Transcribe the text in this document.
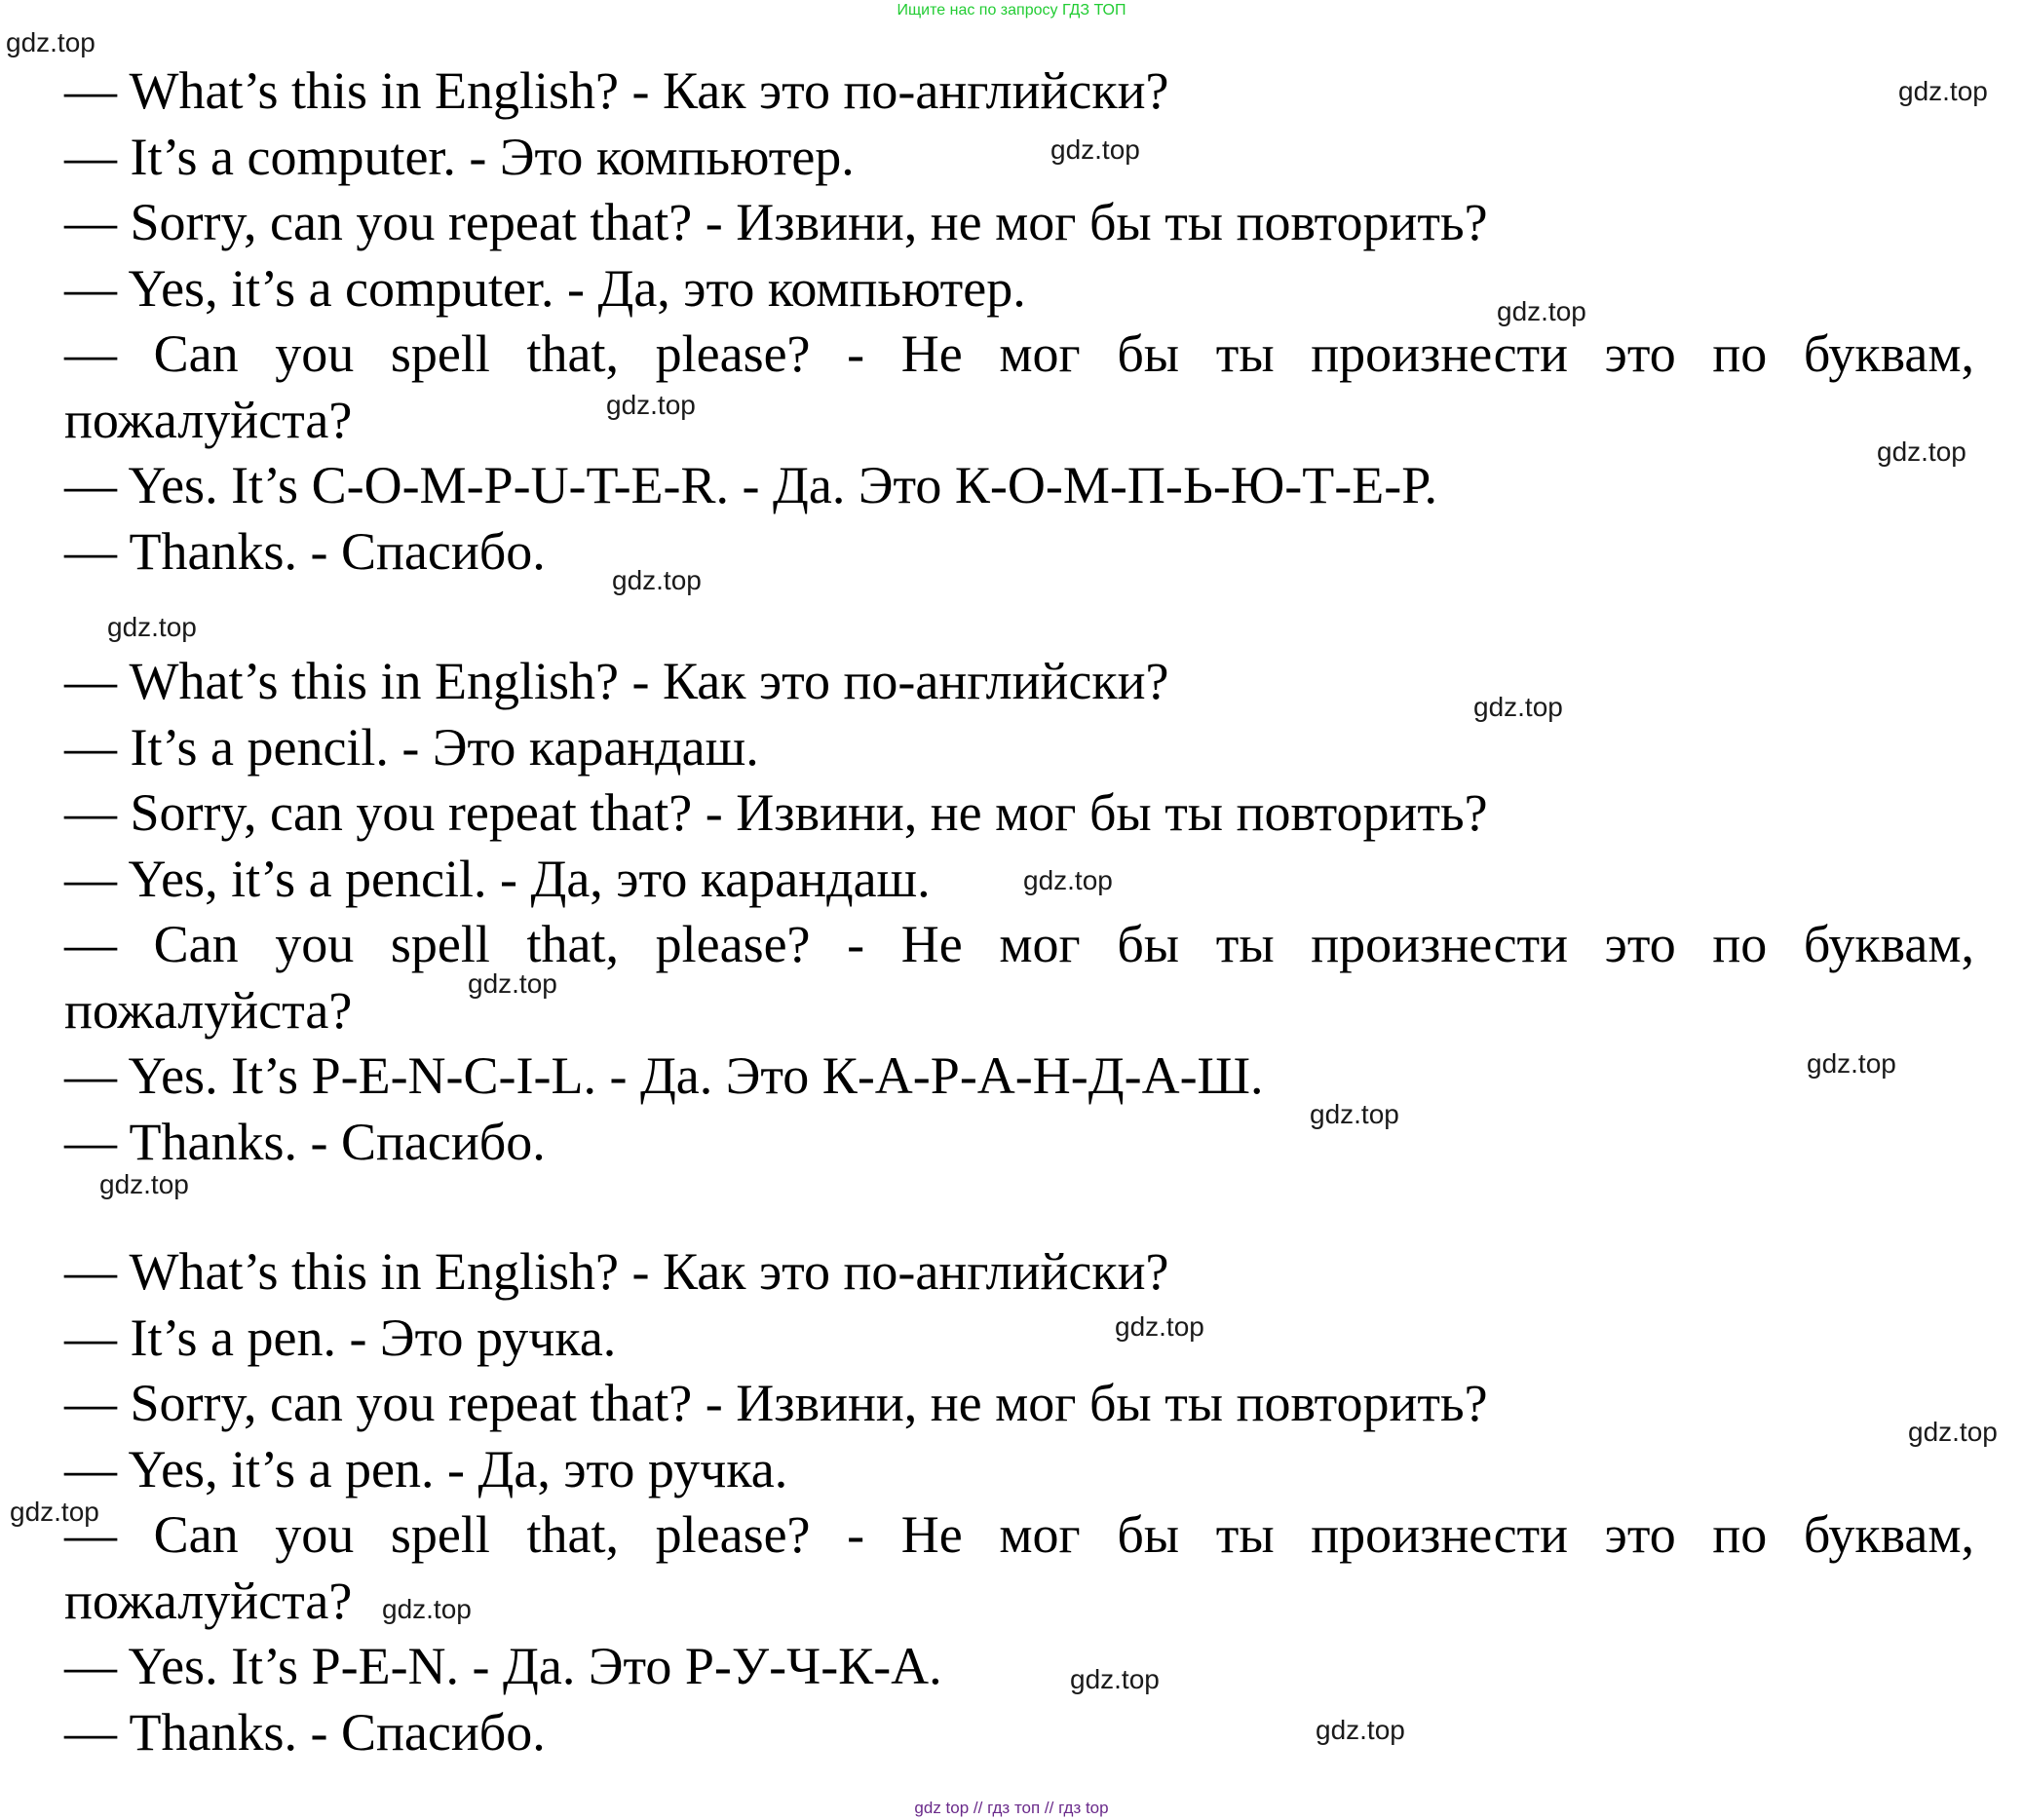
Ищите нас по запросу ГДЗ ТОП
— What’s this in English? - Как это по-английски?
— It’s a computer. - Это компьютер.
— Sorry, can you repeat that? - Извини, не мог бы ты повторить?
— Yes, it’s a computer. - Да, это компьютер.
— Can you spell that, please? - Не мог бы ты произнести это по буквам,
пожалуйста?
— Yes. It’s C-O-M-P-U-T-E-R. - Да. Это К-О-М-П-Ь-Ю-Т-Е-Р.
— Thanks. - Спасибо.
— What’s this in English? - Как это по-английски?
— It’s a pencil. - Это карандаш.
— Sorry, can you repeat that? - Извини, не мог бы ты повторить?
— Yes, it’s a pencil. - Да, это карандаш.
— Can you spell that, please? - Не мог бы ты произнести это по буквам,
пожалуйста?
— Yes. It’s P-E-N-C-I-L. - Да. Это К-А-Р-А-Н-Д-А-Ш.
— Thanks. - Спасибо.
— What’s this in English? - Как это по-английски?
— It’s a pen. - Это ручка.
— Sorry, can you repeat that? - Извини, не мог бы ты повторить?
— Yes, it’s a pen. - Да, это ручка.
— Can you spell that, please? - Не мог бы ты произнести это по буквам,
пожалуйста?
— Yes. It’s P-E-N. - Да. Это Р-У-Ч-К-А.
— Thanks. - Спасибо.
gdz.top
gdz.top
gdz.top
gdz.top
gdz.top
gdz.top
gdz.top
gdz.top
gdz.top
gdz.top
gdz.top
gdz.top
gdz.top
gdz.top
gdz.top
gdz.top
gdz.top
gdz.top
gdz.top
gdz.top
gdz top // гдз топ // гдз top
